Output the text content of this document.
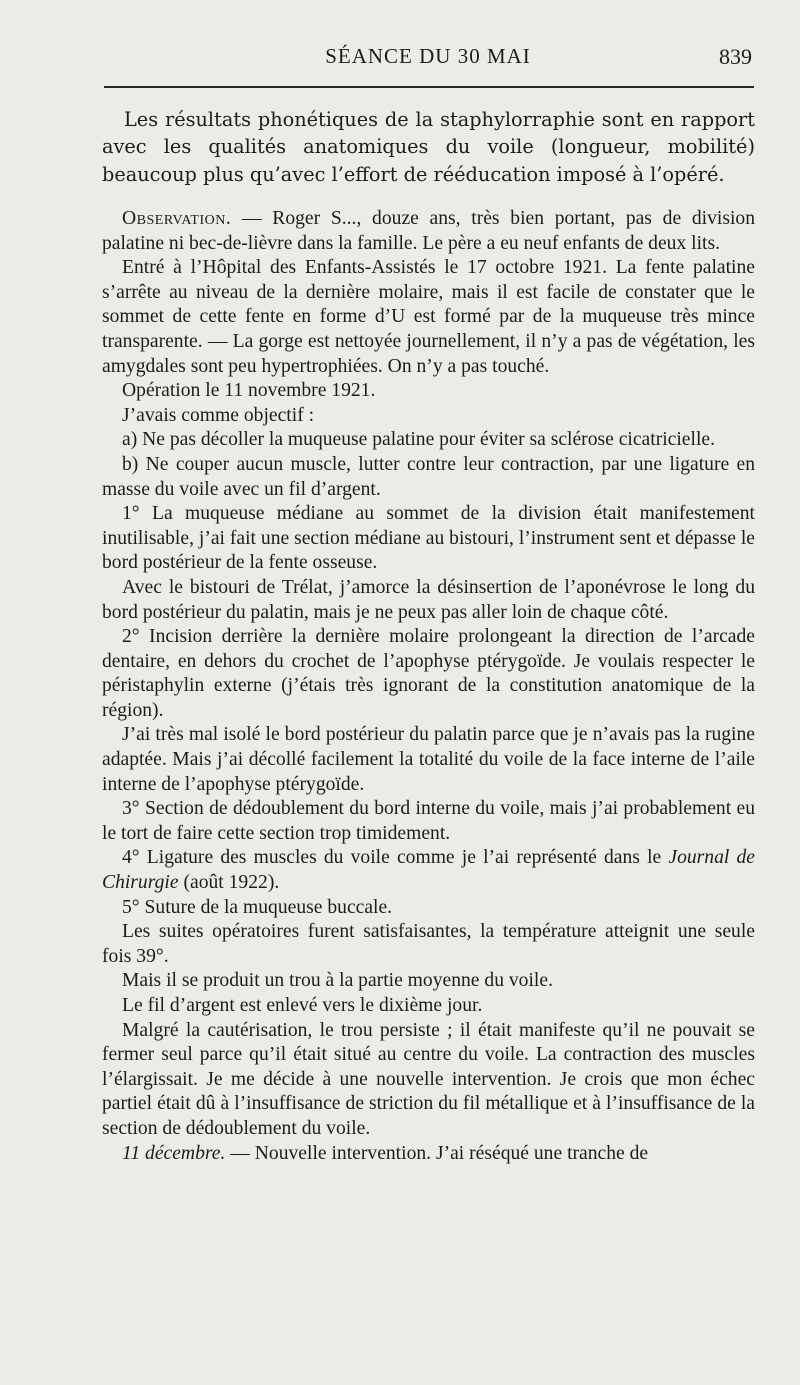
SÉANCE DU 30 MAI	839

Les résultats phonétiques de la staphylorraphie sont en rapport avec les qualités anatomiques du voile (longueur, mobilité) beaucoup plus qu’avec l’effort de rééducation imposé à l’opéré.

Observation. — Roger S..., douze ans, très bien portant, pas de division palatine ni bec-de-lièvre dans la famille. Le père a eu neuf enfants de deux lits.

Entré à l’Hôpital des Enfants-Assistés le 17 octobre 1921. La fente palatine s’arrête au niveau de la dernière molaire, mais il est facile de constater que le sommet de cette fente en forme d’U est formé par de la muqueuse très mince transparente. — La gorge est nettoyée journellement, il n’y a pas de végétation, les amygdales sont peu hypertrophiées. On n’y a pas touché.

Opération le 11 novembre 1921.

J’avais comme objectif :

a) Ne pas décoller la muqueuse palatine pour éviter sa sclérose cicatricielle.

b) Ne couper aucun muscle, lutter contre leur contraction, par une ligature en masse du voile avec un fil d’argent.

1° La muqueuse médiane au sommet de la division était manifestement inutilisable, j’ai fait une section médiane au bistouri, l’instrument sent et dépasse le bord postérieur de la fente osseuse.

Avec le bistouri de Trélat, j’amorce la désinsertion de l’aponévrose le long du bord postérieur du palatin, mais je ne peux pas aller loin de chaque côté.

2° Incision derrière la dernière molaire prolongeant la direction de l’arcade dentaire, en dehors du crochet de l’apophyse ptérygoïde. Je voulais respecter le péristaphylin externe (j’étais très ignorant de la constitution anatomique de la région).

J’ai très mal isolé le bord postérieur du palatin parce que je n’avais pas la rugine adaptée. Mais j’ai décollé facilement la totalité du voile de la face interne de l’aile interne de l’apophyse ptérygoïde.

3° Section de dédoublement du bord interne du voile, mais j’ai probablement eu le tort de faire cette section trop timidement.

4° Ligature des muscles du voile comme je l’ai représenté dans le Journal de Chirurgie (août 1922).

5° Suture de la muqueuse buccale.

Les suites opératoires furent satisfaisantes, la température atteignit une seule fois 39°.

Mais il se produit un trou à la partie moyenne du voile.

Le fil d’argent est enlevé vers le dixième jour.

Malgré la cautérisation, le trou persiste ; il était manifeste qu’il ne pouvait se fermer seul parce qu’il était situé au centre du voile. La contraction des muscles l’élargissait. Je me décide à une nouvelle intervention. Je crois que mon échec partiel était dû à l’insuffisance de striction du fil métallique et à l’insuffisance de la section de dédoublement du voile.

11 décembre. — Nouvelle intervention. J’ai réséqué une tranche de
